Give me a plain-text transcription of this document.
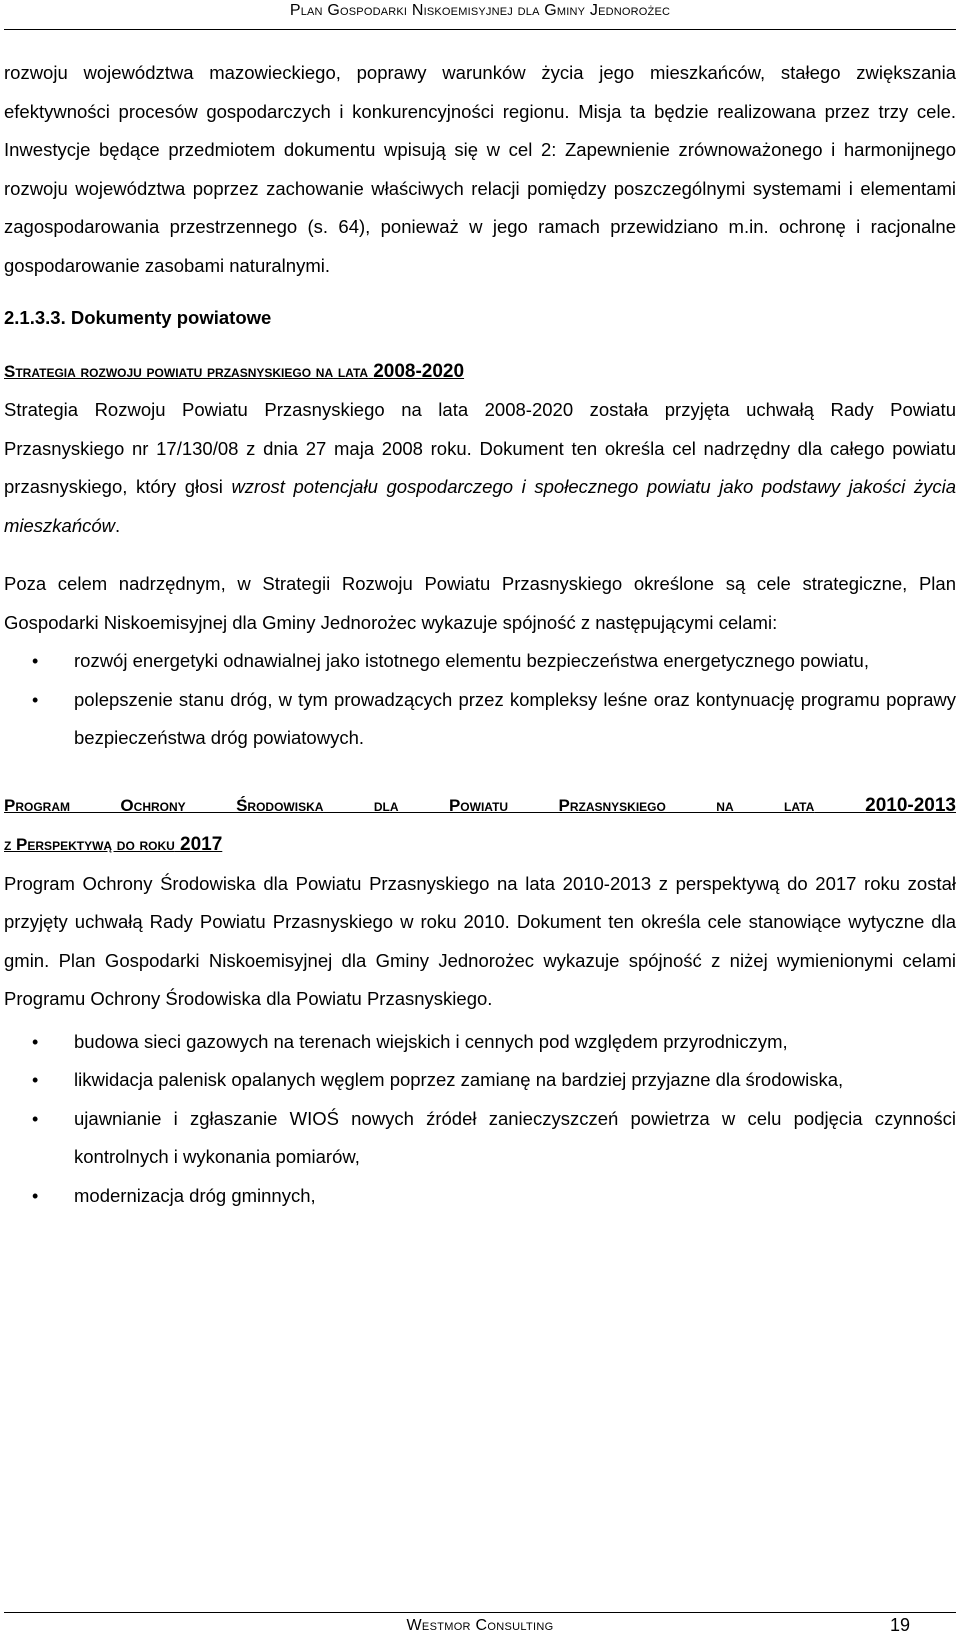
Plan Gospodarki Niskoemisyjnej dla Gminy Jednorożec

rozwoju województwa mazowieckiego, poprawy warunków życia jego mieszkańców, stałego zwiększania efektywności procesów gospodarczych i konkurencyjności regionu. Misja ta będzie realizowana przez trzy cele. Inwestycje będące przedmiotem dokumentu wpisują się w cel 2: Zapewnienie zrównoważonego i harmonijnego rozwoju województwa poprzez zachowanie właściwych relacji pomiędzy poszczególnymi systemami i elementami zagospodarowania przestrzennego (s. 64), ponieważ w jego ramach przewidziano m.in. ochronę i racjonalne gospodarowanie zasobami naturalnymi.

2.1.3.3. Dokumenty powiatowe

Strategia rozwoju powiatu przasnyskiego na lata 2008-2020

Strategia Rozwoju Powiatu Przasnyskiego na lata 2008-2020 została przyjęta uchwałą Rady Powiatu Przasnyskiego nr 17/130/08 z dnia 27 maja 2008 roku. Dokument ten określa cel nadrzędny dla całego powiatu przasnyskiego, który głosi wzrost potencjału gospodarczego i społecznego powiatu jako podstawy jakości życia mieszkańców.

Poza celem nadrzędnym, w Strategii Rozwoju Powiatu Przasnyskiego określone są cele strategiczne, Plan Gospodarki Niskoemisyjnej dla Gminy Jednorożec wykazuje spójność z następującymi celami:

• rozwój energetyki odnawialnej jako istotnego elementu bezpieczeństwa energetycznego powiatu,
• polepszenie stanu dróg, w tym prowadzących przez kompleksy leśne oraz kontynuację programu poprawy bezpieczeństwa dróg powiatowych.

Program Ochrony Środowiska dla Powiatu Przasnyskiego na lata	2010-2013

z Perspektywą do roku 2017

Program Ochrony Środowiska dla Powiatu Przasnyskiego na lata 2010-2013 z perspektywą do 2017 roku został przyjęty uchwałą Rady Powiatu Przasnyskiego w roku 2010. Dokument ten określa cele stanowiące wytyczne dla gmin. Plan Gospodarki Niskoemisyjnej dla Gminy Jednorożec wykazuje spójność z niżej wymienionymi celami Programu Ochrony Środowiska dla Powiatu Przasnyskiego.

• budowa sieci gazowych na terenach wiejskich i cennych pod względem przyrodniczym,
• likwidacja palenisk opalanych węglem poprzez zamianę na bardziej przyjazne dla środowiska,
• ujawnianie i zgłaszanie WIOŚ nowych źródeł zanieczyszczeń powietrza w celu podjęcia czynności kontrolnych i wykonania pomiarów,
• modernizacja dróg gminnych,
Westmor Consulting	19
